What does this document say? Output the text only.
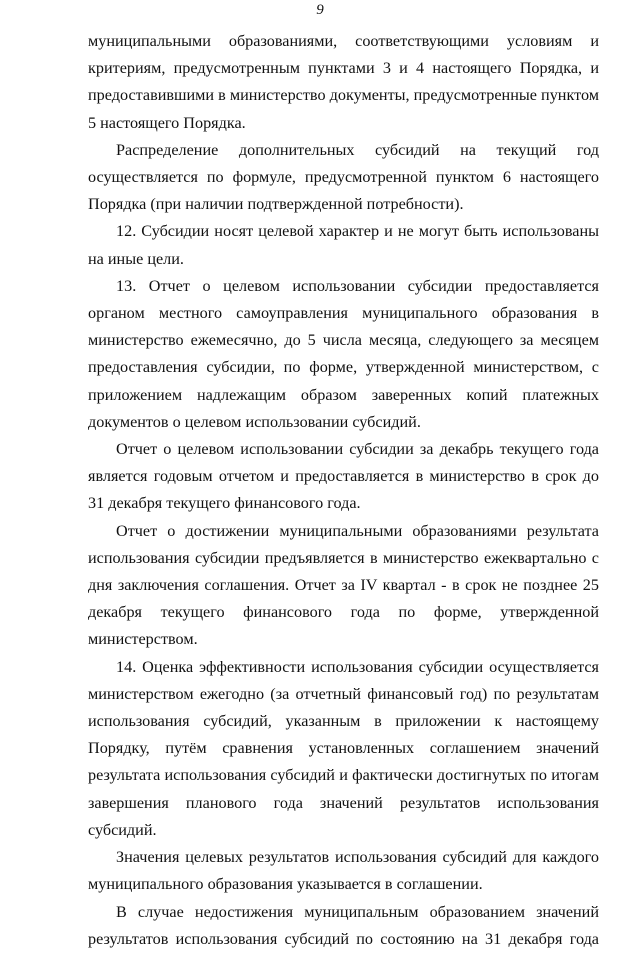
9

муниципальными образованиями, соответствующими условиям и критериям, предусмотренным пунктами 3 и 4 настоящего Порядка, и предоставившими в министерство документы, предусмотренные пунктом 5 настоящего Порядка.

Распределение дополнительных субсидий на текущий год осуществляется по формуле, предусмотренной пунктом 6 настоящего Порядка (при наличии подтвержденной потребности).

12. Субсидии носят целевой характер и не могут быть использованы на иные цели.

13. Отчет о целевом использовании субсидии предоставляется органом местного самоуправления муниципального образования в министерство ежемесячно, до 5 числа месяца, следующего за месяцем предоставления субсидии, по форме, утвержденной министерством, с приложением надлежащим образом заверенных копий платежных документов о целевом использовании субсидий.

Отчет о целевом использовании субсидии за декабрь текущего года является годовым отчетом и предоставляется в министерство в срок до 31 декабря текущего финансового года.

Отчет о достижении муниципальными образованиями результата использования субсидии предъявляется в министерство ежеквартально с дня заключения соглашения. Отчет за IV квартал - в срок не позднее 25 декабря текущего финансового года по форме, утвержденной министерством.

14. Оценка эффективности использования субсидии осуществляется министерством ежегодно (за отчетный финансовый год) по результатам использования субсидий, указанным в приложении к настоящему Порядку, путём сравнения установленных соглашением значений результата использования субсидий и фактически достигнутых по итогам завершения планового года значений результатов использования субсидий.

Значения целевых результатов использования субсидий для каждого муниципального образования указывается в соглашении.

В случае недостижения муниципальным образованием значений результатов использования субсидий по состоянию на 31 декабря года
